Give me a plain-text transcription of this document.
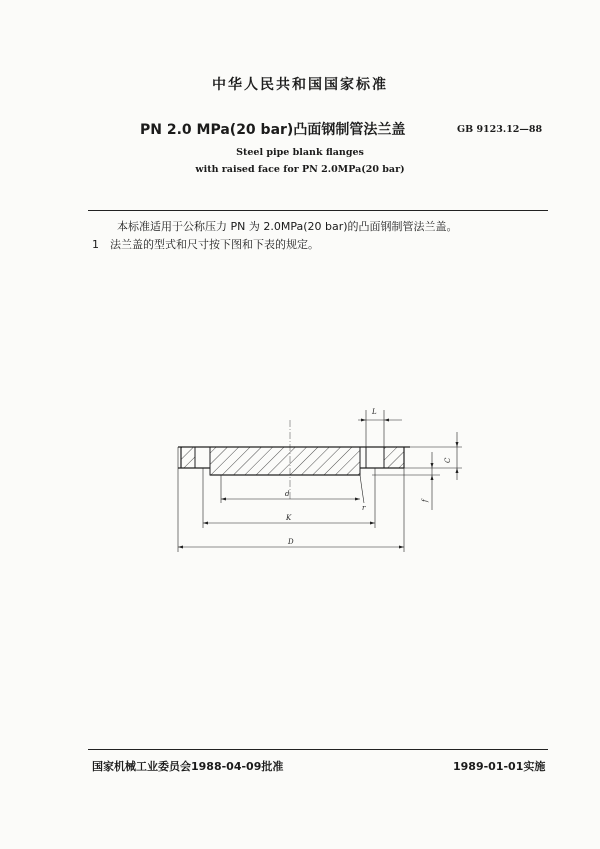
中华人民共和国国家标准
PN 2.0 MPa(20 bar)凸面钢制管法兰盖	GB 9123.12—88
Steel pipe blank flanges
with raised face for PN 2.0MPa(20 bar)
本标准适用于公称压力 PN 为 2.0MPa(20 bar)的凸面钢制管法兰盖。
1　法兰盖的型式和尺寸按下图和下表的规定。
L
C
f
d
r
K
D
国家机械工业委员会1988-04-09批准	1989-01-01实施
